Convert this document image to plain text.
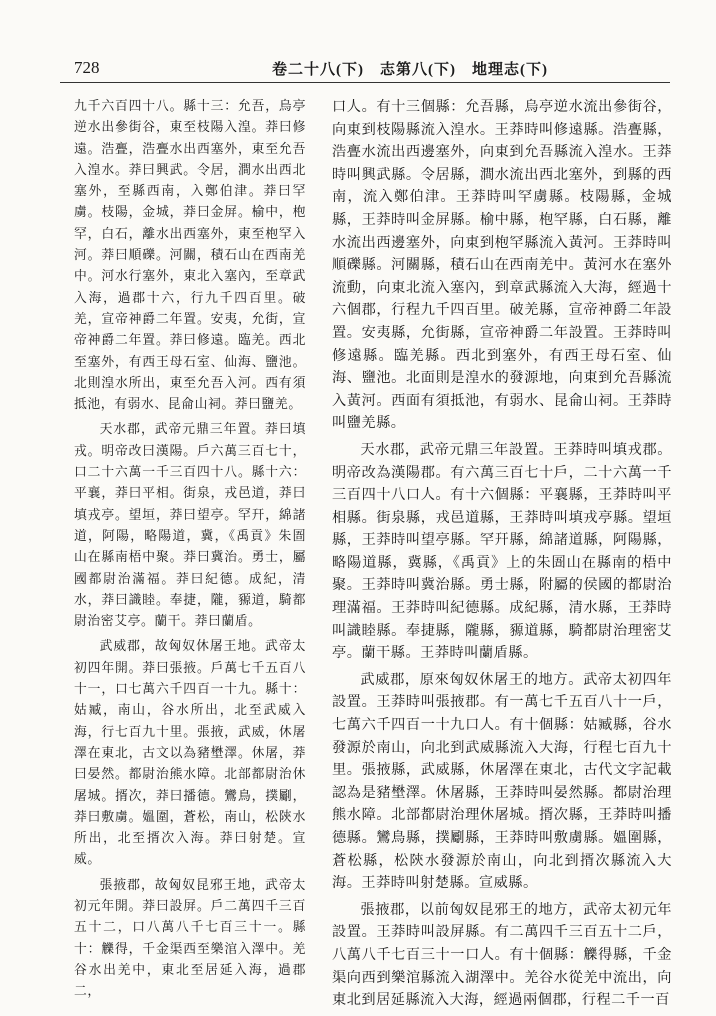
728	卷二十八(下)　志第八(下)　地理志(下)

九千六百四十八。縣十三：允吾，烏亭逆水出參街谷，東至枝陽入湟。莽曰修遠。浩亹，浩亹水出西塞外，東至允吾入湟水。莽曰興武。令居，澗水出西北塞外，至縣西南，入鄭伯津。莽曰罕虜。枝陽，金城，莽曰金屏。榆中，枹罕，白石，離水出西塞外，東至枹罕入河。莽曰順礫。河關，積石山在西南羌中。河水行塞外，東北入塞內，至章武入海，過郡十六，行九千四百里。破羌，宣帝神爵二年置。安夷，允街，宣帝神爵二年置。莽曰修遠。臨羌。西北至塞外，有西王母石室、仙海、鹽池。北則湟水所出，東至允吾入河。西有須抵池，有弱水、昆侖山祠。莽曰鹽羌。

天水郡，武帝元鼎三年置。莽曰填戎。明帝改曰漢陽。戶六萬三百七十，口二十六萬一千三百四十八。縣十六：平襄，莽曰平相。街泉，戎邑道，莽曰填戎亭。望垣，莽曰望亭。罕幵，綿諸道，阿陽，略陽道，冀，《禹貢》朱圄山在縣南梧中聚。莽曰冀治。勇士，屬國都尉治滿福。莽曰紀德。成紀，清水，莽曰識睦。奉捷，隴，豲道，騎都尉治密艾亭。蘭干。莽曰蘭盾。

武威郡，故匈奴休屠王地。武帝太初四年開。莽曰張掖。戶萬七千五百八十一，口七萬六千四百一十九。縣十：姑臧，南山，谷水所出，北至武威入海，行七百九十里。張掖，武威，休屠澤在東北，古文以為豬壄澤。休屠，莽曰晏然。都尉治熊水障。北部都尉治休屠城。揟次，莽曰播德。鸞鳥，撲劚，莽曰敷虜。媼圍，蒼松，南山，松陝水所出，北至揟次入海。莽曰射楚。宣威。

張掖郡，故匈奴昆邪王地，武帝太初元年開。莽曰設屏。戶二萬四千三百五十二，口八萬八千七百三十一。縣十：觻得，千金渠西至樂涫入澤中。羌谷水出羌中，東北至居延入海，過郡二，

口人。有十三個縣：允吾縣，烏亭逆水流出參街谷，向東到枝陽縣流入湟水。王莽時叫修遠縣。浩亹縣，浩亹水流出西邊塞外，向東到允吾縣流入湟水。王莽時叫興武縣。令居縣，澗水流出西北塞外，到縣的西南，流入鄭伯津。王莽時叫罕虜縣。枝陽縣，金城縣，王莽時叫金屏縣。榆中縣，枹罕縣，白石縣，離水流出西邊塞外，向東到枹罕縣流入黃河。王莽時叫順礫縣。河關縣，積石山在西南羌中。黃河水在塞外流動，向東北流入塞內，到章武縣流入大海，經過十六個郡，行程九千四百里。破羌縣，宣帝神爵二年設置。安夷縣，允街縣，宣帝神爵二年設置。王莽時叫修遠縣。臨羌縣。西北到塞外，有西王母石室、仙海、鹽池。北面則是湟水的發源地，向東到允吾縣流入黃河。西面有須抵池，有弱水、昆侖山祠。王莽時叫鹽羌縣。

天水郡，武帝元鼎三年設置。王莽時叫填戎郡。明帝改為漢陽郡。有六萬三百七十戶，二十六萬一千三百四十八口人。有十六個縣：平襄縣，王莽時叫平相縣。街泉縣，戎邑道縣，王莽時叫填戎亭縣。望垣縣，王莽時叫望亭縣。罕幵縣，綿諸道縣，阿陽縣，略陽道縣，冀縣，《禹貢》上的朱圄山在縣南的梧中聚。王莽時叫冀治縣。勇士縣，附屬的侯國的都尉治理滿福。王莽時叫紀德縣。成紀縣，清水縣，王莽時叫識睦縣。奉捷縣，隴縣，豲道縣，騎都尉治理密艾亭。蘭干縣。王莽時叫蘭盾縣。

武威郡，原來匈奴休屠王的地方。武帝太初四年設置。王莽時叫張掖郡。有一萬七千五百八十一戶，七萬六千四百一十九口人。有十個縣：姑臧縣，谷水發源於南山，向北到武威縣流入大海，行程七百九十里。張掖縣，武威縣，休屠澤在東北，古代文字記載認為是豬壄澤。休屠縣，王莽時叫晏然縣。都尉治理熊水障。北部都尉治理休屠城。揟次縣，王莽時叫播德縣。鸞鳥縣，撲劚縣，王莽時叫敷虜縣。媼圍縣，蒼松縣，松陝水發源於南山，向北到揟次縣流入大海。王莽時叫射楚縣。宣威縣。

張掖郡，以前匈奴昆邪王的地方，武帝太初元年設置。王莽時叫設屏縣。有二萬四千三百五十二戶，八萬八千七百三十一口人。有十個縣：觻得縣，千金渠向西到樂涫縣流入湖澤中。羌谷水從羌中流出，向東北到居延縣流入大海，經過兩個郡，行程二千一百
